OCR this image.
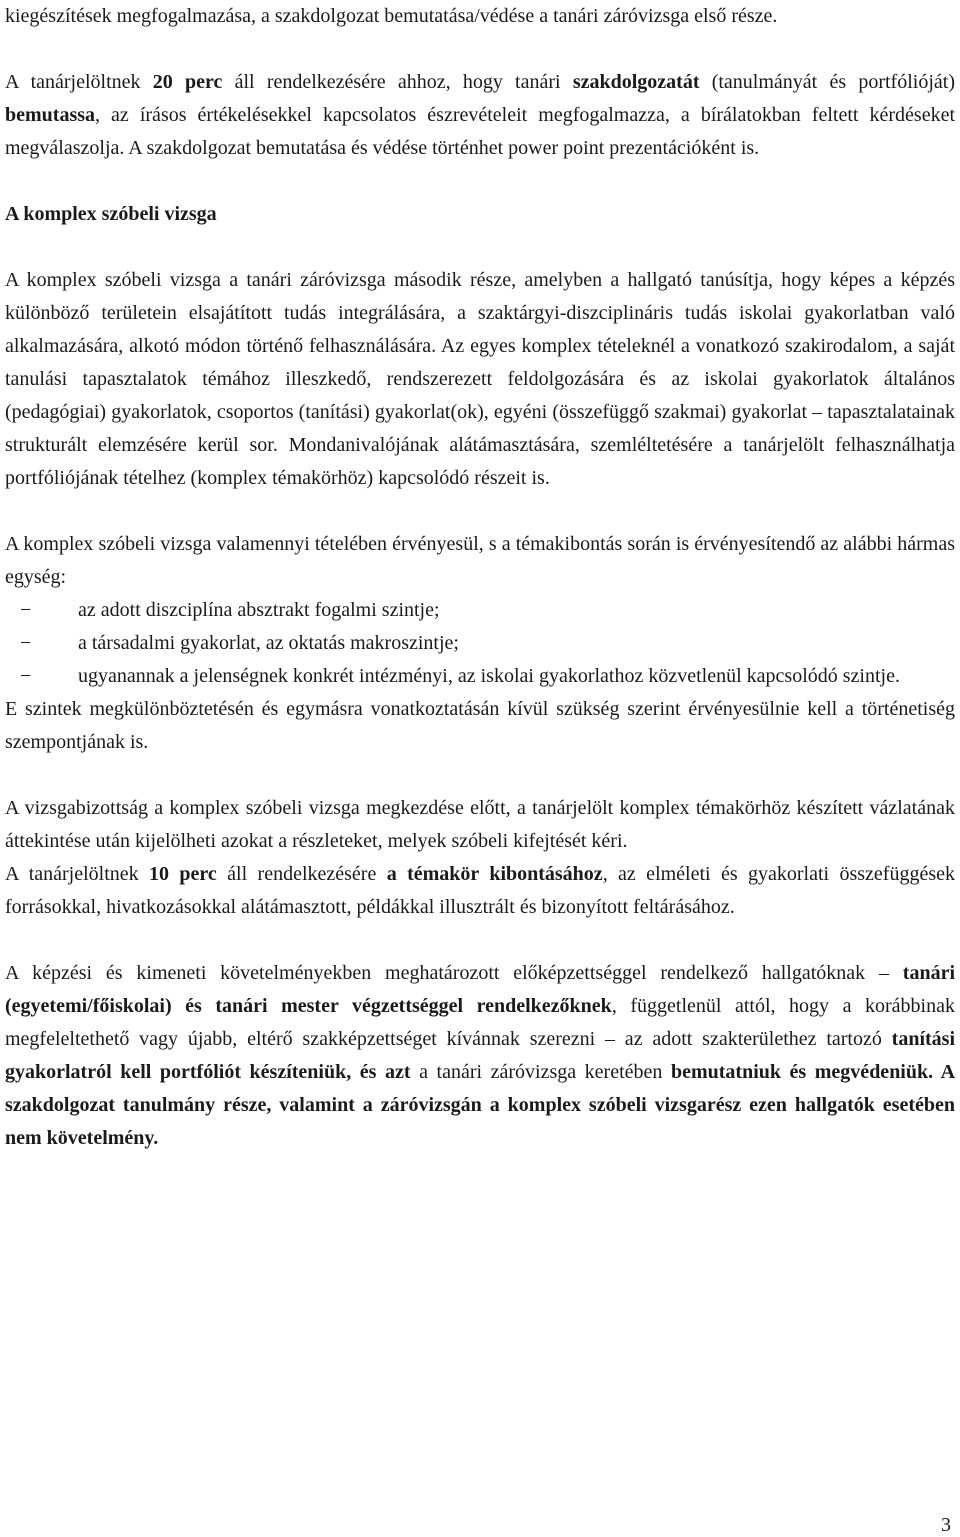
kiegészítések megfogalmazása, a szakdolgozat bemutatása/védése a tanári záróvizsga első része.

A tanárjelöltnek 20 perc áll rendelkezésére ahhoz, hogy tanári szakdolgozatát (tanulmányát és portfólióját) bemutassa, az írásos értékelésekkel kapcsolatos észrevételeit megfogalmazza, a bírálatokban feltett kérdéseket megválaszolja. A szakdolgozat bemutatása és védése történhet power point prezentációként is.

A komplex szóbeli vizsga

A komplex szóbeli vizsga a tanári záróvizsga második része, amelyben a hallgató tanúsítja, hogy képes a képzés különböző területein elsajátított tudás integrálására, a szaktárgyi-diszciplináris tudás iskolai gyakorlatban való alkalmazására, alkotó módon történő felhasználására. Az egyes komplex tételeknél a vonatkozó szakirodalom, a saját tanulási tapasztalatok témához illeszkedő, rendszerezett feldolgozására és az iskolai gyakorlatok általános (pedagógiai) gyakorlatok, csoportos (tanítási) gyakorlat(ok), egyéni (összefüggő szakmai) gyakorlat – tapasztalatainak strukturált elemzésére kerül sor. Mondanivalójának alátámasztására, szemléltetésére a tanárjelölt felhasználhatja portfóliójának tételhez (komplex témakörhöz) kapcsolódó részeit is.

A komplex szóbeli vizsga valamennyi tételében érvényesül, s a témakibontás során is érvényesítendő az alábbi hármas egység:

− az adott diszciplína absztrakt fogalmi szintje;
− a társadalmi gyakorlat, az oktatás makroszintje;
− ugyanannak a jelenségnek konkrét intézményi, az iskolai gyakorlathoz közvetlenül kapcsolódó szintje.

E szintek megkülönböztetésén és egymásra vonatkoztatásán kívül szükség szerint érvényesülnie kell a történetiség szempontjának is.

A vizsgabizottság a komplex szóbeli vizsga megkezdése előtt, a tanárjelölt komplex témakörhöz készített vázlatának áttekintése után kijelölheti azokat a részleteket, melyek szóbeli kifejtését kéri.

A tanárjelöltnek 10 perc áll rendelkezésére a témakör kibontásához, az elméleti és gyakorlati összefüggések forrásokkal, hivatkozásokkal alátámasztott, példákkal illusztrált és bizonyított feltárásához.

A képzési és kimeneti követelményekben meghatározott előképzettséggel rendelkező hallgatóknak – tanári (egyetemi/főiskolai) és tanári mester végzettséggel rendelkezőknek, függetlenül attól, hogy a korábbinak megfeleltethető vagy újabb, eltérő szakképzettséget kívánnak szerezni – az adott szakterülethez tartozó tanítási gyakorlatról kell portfóliót készíteniük, és azt a tanári záróvizsga keretében bemutatniuk és megvédeniük. A szakdolgozat tanulmány része, valamint a záróvizsgán a komplex szóbeli vizsgarész ezen hallgatók esetében nem követelmény.

3
